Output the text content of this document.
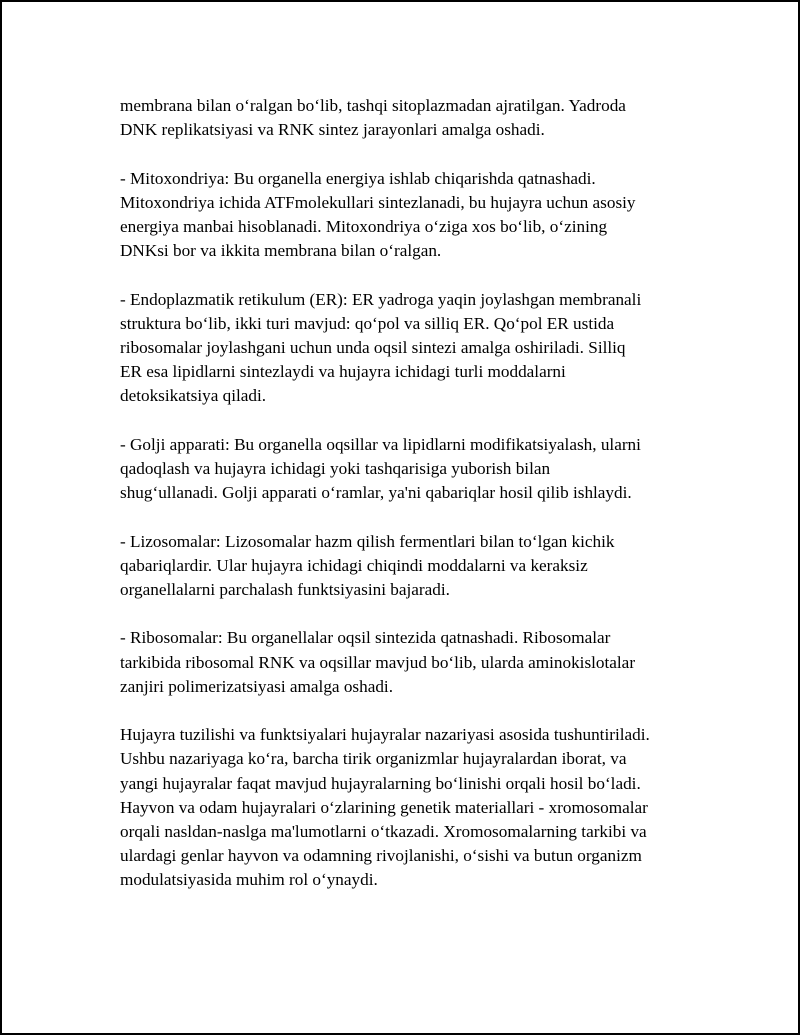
membrana bilan o‘ralgan bo‘lib, tashqi sitoplazmadan ajratilgan. Yadroda
DNK replikatsiyasi va RNK sintez jarayonlari amalga oshadi.

- Mitoxondriya: Bu organella energiya ishlab chiqarishda qatnashadi.
Mitoxondriya ichida ATFmolekullari sintezlanadi, bu hujayra uchun asosiy
energiya manbai hisoblanadi. Mitoxondriya o‘ziga xos bo‘lib, o‘zining
DNKsi bor va ikkita membrana bilan o‘ralgan.

- Endoplazmatik retikulum (ER): ER yadroga yaqin joylashgan membranali
struktura bo‘lib, ikki turi mavjud: qo‘pol va silliq ER. Qo‘pol ER ustida
ribosomalar joylashgani uchun unda oqsil sintezi amalga oshiriladi. Silliq
ER esa lipidlarni sintezlaydi va hujayra ichidagi turli moddalarni
detoksikatsiya qiladi.

- Golji apparati: Bu organella oqsillar va lipidlarni modifikatsiyalash, ularni
qadoqlash va hujayra ichidagi yoki tashqarisiga yuborish bilan
shug‘ullanadi. Golji apparati o‘ramlar, ya'ni qabariqlar hosil qilib ishlaydi.

- Lizosomalar: Lizosomalar hazm qilish fermentlari bilan to‘lgan kichik
qabariqlardir. Ular hujayra ichidagi chiqindi moddalarni va keraksiz
organellalarni parchalash funktsiyasini bajaradi.

- Ribosomalar: Bu organellalar oqsil sintezida qatnashadi. Ribosomalar
tarkibida ribosomal RNK va oqsillar mavjud bo‘lib, ularda aminokislotalar
zanjiri polimerizatsiyasi amalga oshadi.

Hujayra tuzilishi va funktsiyalari hujayralar nazariyasi asosida tushuntiriladi.
Ushbu nazariyaga ko‘ra, barcha tirik organizmlar hujayralardan iborat, va
yangi hujayralar faqat mavjud hujayralarning bo‘linishi orqali hosil bo‘ladi.
Hayvon va odam hujayralari o‘zlarining genetik materiallari - xromosomalar
orqali nasldan-naslga ma'lumotlarni o‘tkazadi. Xromosomalarning tarkibi va
ulardagi genlar hayvon va odamning rivojlanishi, o‘sishi va butun organizm
modulatsiyasida muhim rol o‘ynaydi.
